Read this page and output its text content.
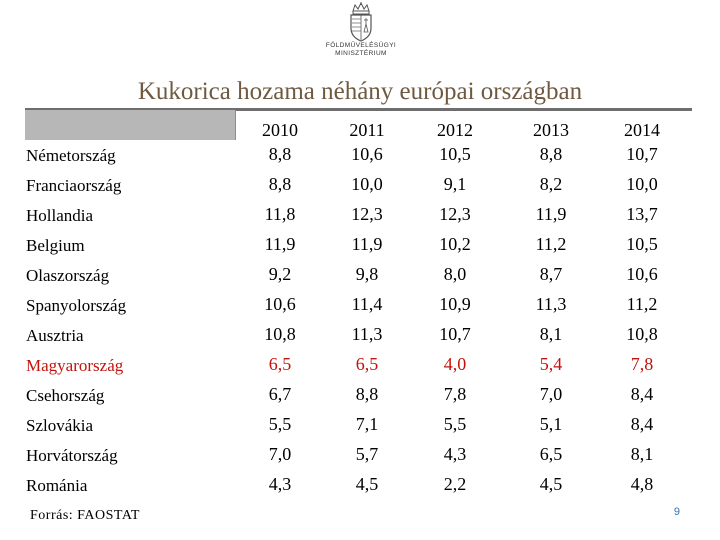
FÖLDMŰVELÉSÜGYI
MINISZTÉRIUM
Kukorica hozama néhány európai országban
2010	2011	2012	2013	2014
Németország	8,8	10,6	10,5	8,8	10,7
Franciaország	8,8	10,0	9,1	8,2	10,0
Hollandia	11,8	12,3	12,3	11,9	13,7
Belgium	11,9	11,9	10,2	11,2	10,5
Olaszország	9,2	9,8	8,0	8,7	10,6
Spanyolország	10,6	11,4	10,9	11,3	11,2
Ausztria	10,8	11,3	10,7	8,1	10,8
Magyarország	6,5	6,5	4,0	5,4	7,8
Csehország	6,7	8,8	7,8	7,0	8,4
Szlovákia	5,5	7,1	5,5	5,1	8,4
Horvátország	7,0	5,7	4,3	6,5	8,1
Románia	4,3	4,5	2,2	4,5	4,8
Forrás: FAOSTAT	9
